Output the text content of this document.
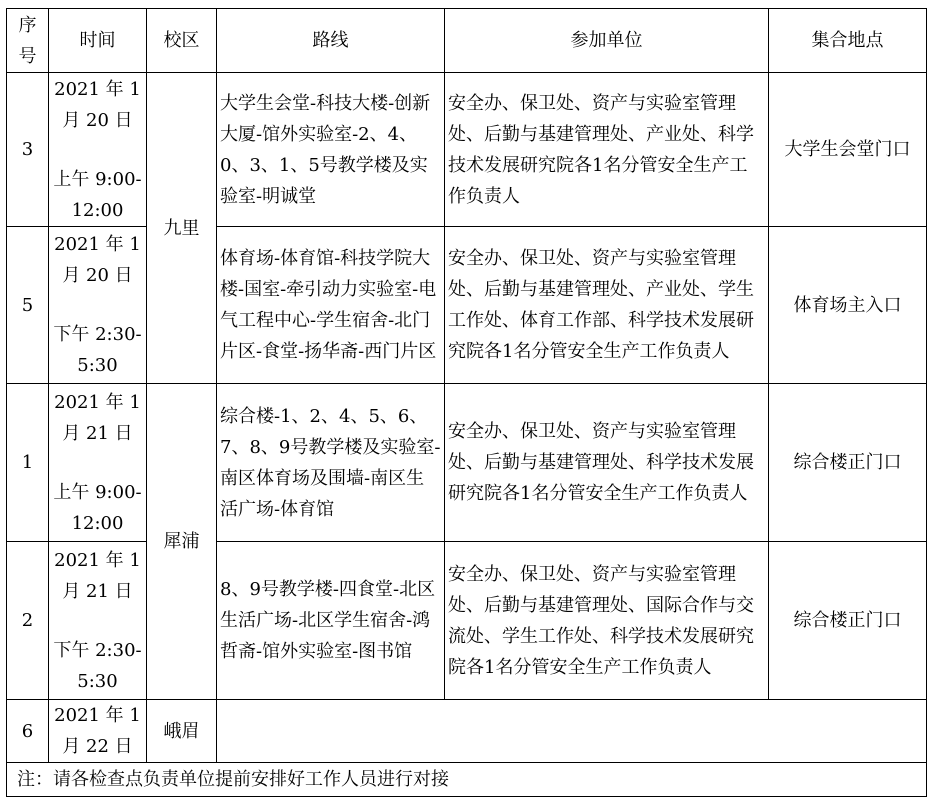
序号	时间	校区	路线	参加单位	集合地点
3	2021 年 1
月 20 日
上午 9:00-
12:00	九里	大学生会堂-科技大楼-创新大厦-馆外实验室-2、4、0、3、1、5号教学楼及实验室-明诚堂	安全办、保卫处、资产与实验室管理处、后勤与基建管理处、产业处、科学技术发展研究院各1名分管安全生产工作负责人	大学生会堂门口
5	2021 年 1
月 20 日
下午 2:30-
5:30		体育场-体育馆-科技学院大楼-国室-牵引动力实验室-电气工程中心-学生宿舍-北门片区-食堂-扬华斋-西门片区	安全办、保卫处、资产与实验室管理处、后勤与基建管理处、产业处、学生工作处、体育工作部、科学技术发展研究院各1名分管安全生产工作负责人	体育场主入口
1	2021 年 1
月 21 日
上午 9:00-
12:00	犀浦	综合楼-1、2、4、5、6、7、8、9号教学楼及实验室-南区体育场及围墙-南区生活广场-体育馆	安全办、保卫处、资产与实验室管理处、后勤与基建管理处、科学技术发展研究院各1名分管安全生产工作负责人	综合楼正门口
2	2021 年 1
月 21 日
下午 2:30-
5:30		8、9号教学楼-四食堂-北区生活广场-北区学生宿舍-鸿哲斋-馆外实验室-图书馆	安全办、保卫处、资产与实验室管理处、后勤与基建管理处、国际合作与交流处、学生工作处、科学技术发展研究院各1名分管安全生产工作负责人	综合楼正门口
6	2021 年 1
月 22 日	峨眉			
注：请各检查点负责单位提前安排好工作人员进行对接					
